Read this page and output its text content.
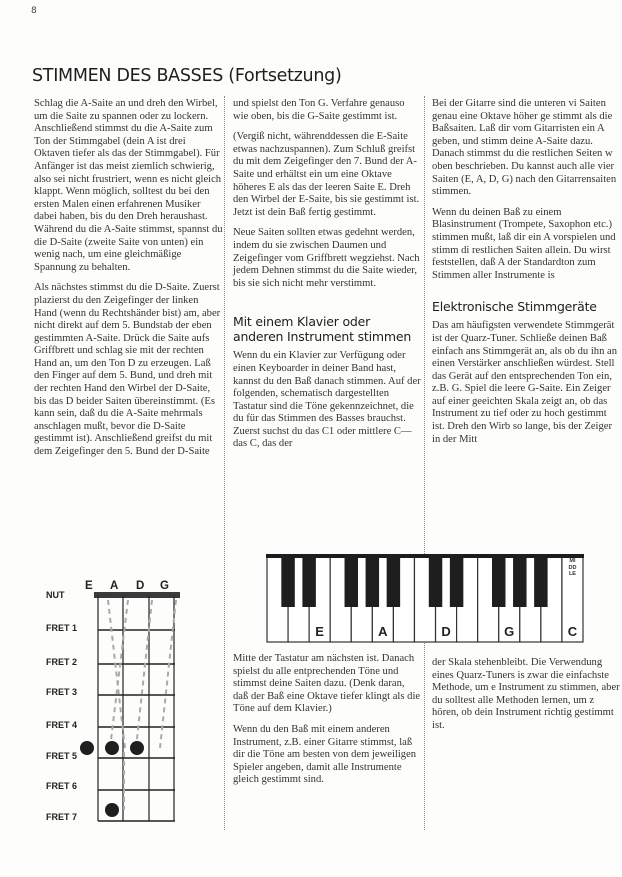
8
STIMMEN DES BASSES (Fortsetzung)

Schlag die A-Saite an und dreh den Wirbel, um die Saite zu spannen oder zu lockern. Anschließend stimmst du die A-Saite zum Ton der Stimmgabel (dein A ist drei Oktaven tiefer als das der Stimmgabel). Für Anfänger ist das meist ziemlich schwierig, also sei nicht frustriert, wenn es nicht gleich klappt. Wenn möglich, solltest du bei den ersten Malen einen erfahrenen Musiker dabei haben, bis du den Dreh heraushast. Während du die A-Saite stimmst, spannst du die D-Saite (zweite Saite von unten) ein wenig nach, um eine gleichmäßige Spannung zu behalten.

Als nächstes stimmst du die D-Saite. Zuerst plazierst du den Zeigefinger der linken Hand (wenn du Rechtshänder bist) am, aber nicht direkt auf dem 5. Bundstab der eben gestimmten A-Saite. Drück die Saite aufs Griffbrett und schlag sie mit der rechten Hand an, um den Ton D zu erzeugen. Laß den Finger auf dem 5. Bund, und dreh mit der rechten Hand den Wirbel der D-Saite, bis das D beider Saiten übereinstimmt. (Es kann sein, daß du die A-Saite mehrmals anschlagen mußt, bevor die D-Saite gestimmt ist). Anschließend greifst du mit dem Zeigefinger den 5. Bund der D-Saite

und spielst den Ton G. Verfahre genauso wie oben, bis die G-Saite gestimmt ist.

(Vergiß nicht, währenddessen die E-Saite etwas nachzuspannen). Zum Schluß greifst du mit dem Zeigefinger den 7. Bund der A-Saite und erhältst ein um eine Oktave höheres E als das der leeren Saite E. Dreh den Wirbel der E-Saite, bis sie gestimmt ist. Jetzt ist dein Baß fertig gestimmt.

Neue Saiten sollten etwas gedehnt werden, indem du sie zwischen Daumen und Zeigefinger vom Griffbrett wegziehst. Nach jedem Dehnen stimmst du die Saite wieder, bis sie sich nicht mehr verstimmt.

Mit einem Klavier oder anderen Instrument stimmen

Wenn du ein Klavier zur Verfügung oder einen Keyboarder in deiner Band hast, kannst du den Baß danach stimmen. Auf der folgenden, schematisch dargestellten Tastatur sind die Töne gekennzeichnet, die du für das Stimmen des Basses brauchst. Zuerst suchst du das C1 oder mittlere C—das C, das der

Bei der Gitarre sind die unteren vi Saiten genau eine Oktave höher ge stimmt als die Baßsaiten. Laß dir vom Gitarristen ein A geben, und stimm deine A-Saite dazu. Danach stimmst du die restlichen Seiten w oben beschrieben. Du kannst auch alle vier Saiten (E, A, D, G) nach den Gitarrensaiten stimmen.

Wenn du deinen Baß zu einem Blasinstrument (Trompete, Saxophon etc.) stimmen mußt, laß dir ein A vorspielen und stimm di restlichen Saiten allein. Du wirst feststellen, daß A der Standardton zum Stimmen aller Instrumente is

Elektronische Stimmgeräte

Das am häufigsten verwendete Stimmgerät ist der Quarz-Tuner. Schließe deinen Baß einfach ans Stimmgerät an, als ob du ihn an einen Verstärker anschließen würdest. Stell das Gerät auf den entsprechenden Ton ein, z.B. G. Spiel die leere G-Saite. Ein Zeiger auf einer geeichten Skala zeigt an, ob das Instrument zu tief oder zu hoch gestimmt ist. Dreh den Wirb so lange, bis der Zeiger in der Mitt

der Skala stehenbleibt. Die Verwendung eines Quarz-Tuners is zwar die einfachste Methode, um e Instrument zu stimmen, aber du solltest alle Methoden lernen, um z hören, ob dein Instrument richtig gestimmt ist.

Mitte der Tastatur am nächsten ist. Danach spielst du alle entprechenden Töne und stimmst deine Saiten dazu. (Denk daran, daß der Baß eine Oktave tiefer klingt als die Töne auf dem Klavier.)

Wenn du den Baß mit einem anderen Instrument, z.B. einer Gitarre stimmst, laß dir die Töne am besten von dem jeweiligen Spieler angeben, damit alle Instrumente gleich gestimmt sind.

NUT
E A D G
FRET 1
FRET 2
FRET 3
FRET 4
FRET 5
FRET 6
FRET 7
E	A	D	G	C
MIDDLE
